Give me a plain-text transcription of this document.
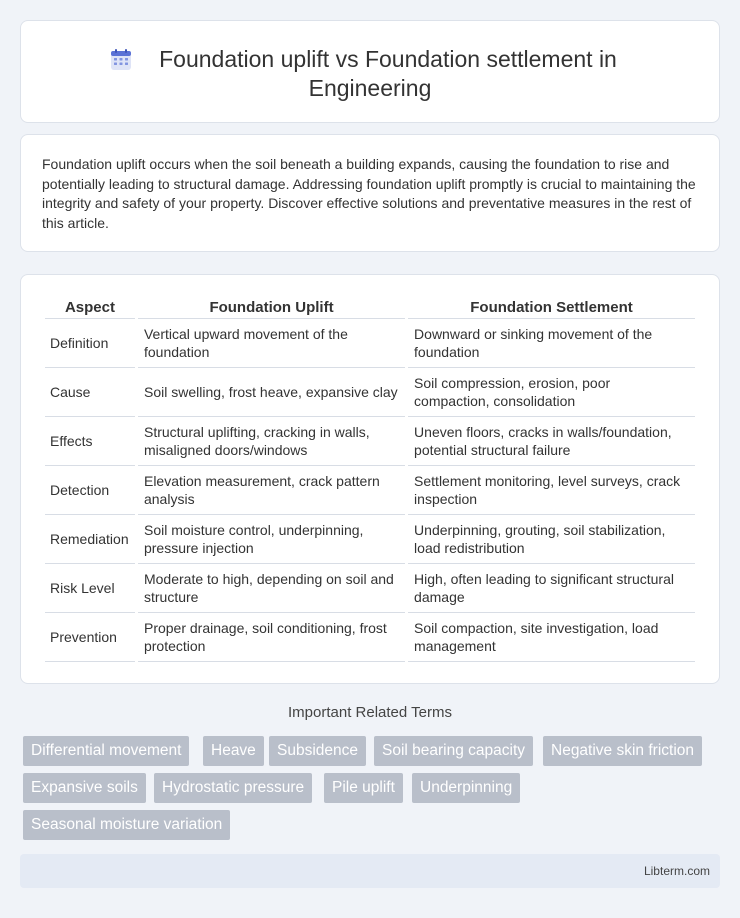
Foundation uplift vs Foundation settlement in
Engineering

Foundation uplift occurs when the soil beneath a building expands, causing the foundation to rise and potentially leading to structural damage. Addressing foundation uplift promptly is crucial to maintaining the integrity and safety of your property. Discover effective solutions and preventative measures in the rest of this article.

Aspect	Foundation Uplift	Foundation Settlement
Definition	Vertical upward movement of the foundation	Downward or sinking movement of the foundation
Cause	Soil swelling, frost heave, expansive clay	Soil compression, erosion, poor compaction, consolidation
Effects	Structural uplifting, cracking in walls, misaligned doors/windows	Uneven floors, cracks in walls/foundation, potential structural failure
Detection	Elevation measurement, crack pattern analysis	Settlement monitoring, level surveys, crack inspection
Remediation	Soil moisture control, underpinning, pressure injection	Underpinning, grouting, soil stabilization, load redistribution
Risk Level	Moderate to high, depending on soil and structure	High, often leading to significant structural damage
Prevention	Proper drainage, soil conditioning, frost protection	Soil compaction, site investigation, load management
Important Related Terms
Differential movement	Heave	Subsidence	Soil bearing capacity	Negative skin friction
Expansive soils	Hydrostatic pressure	Pile uplift	Underpinning
Seasonal moisture variation
Libterm.com
